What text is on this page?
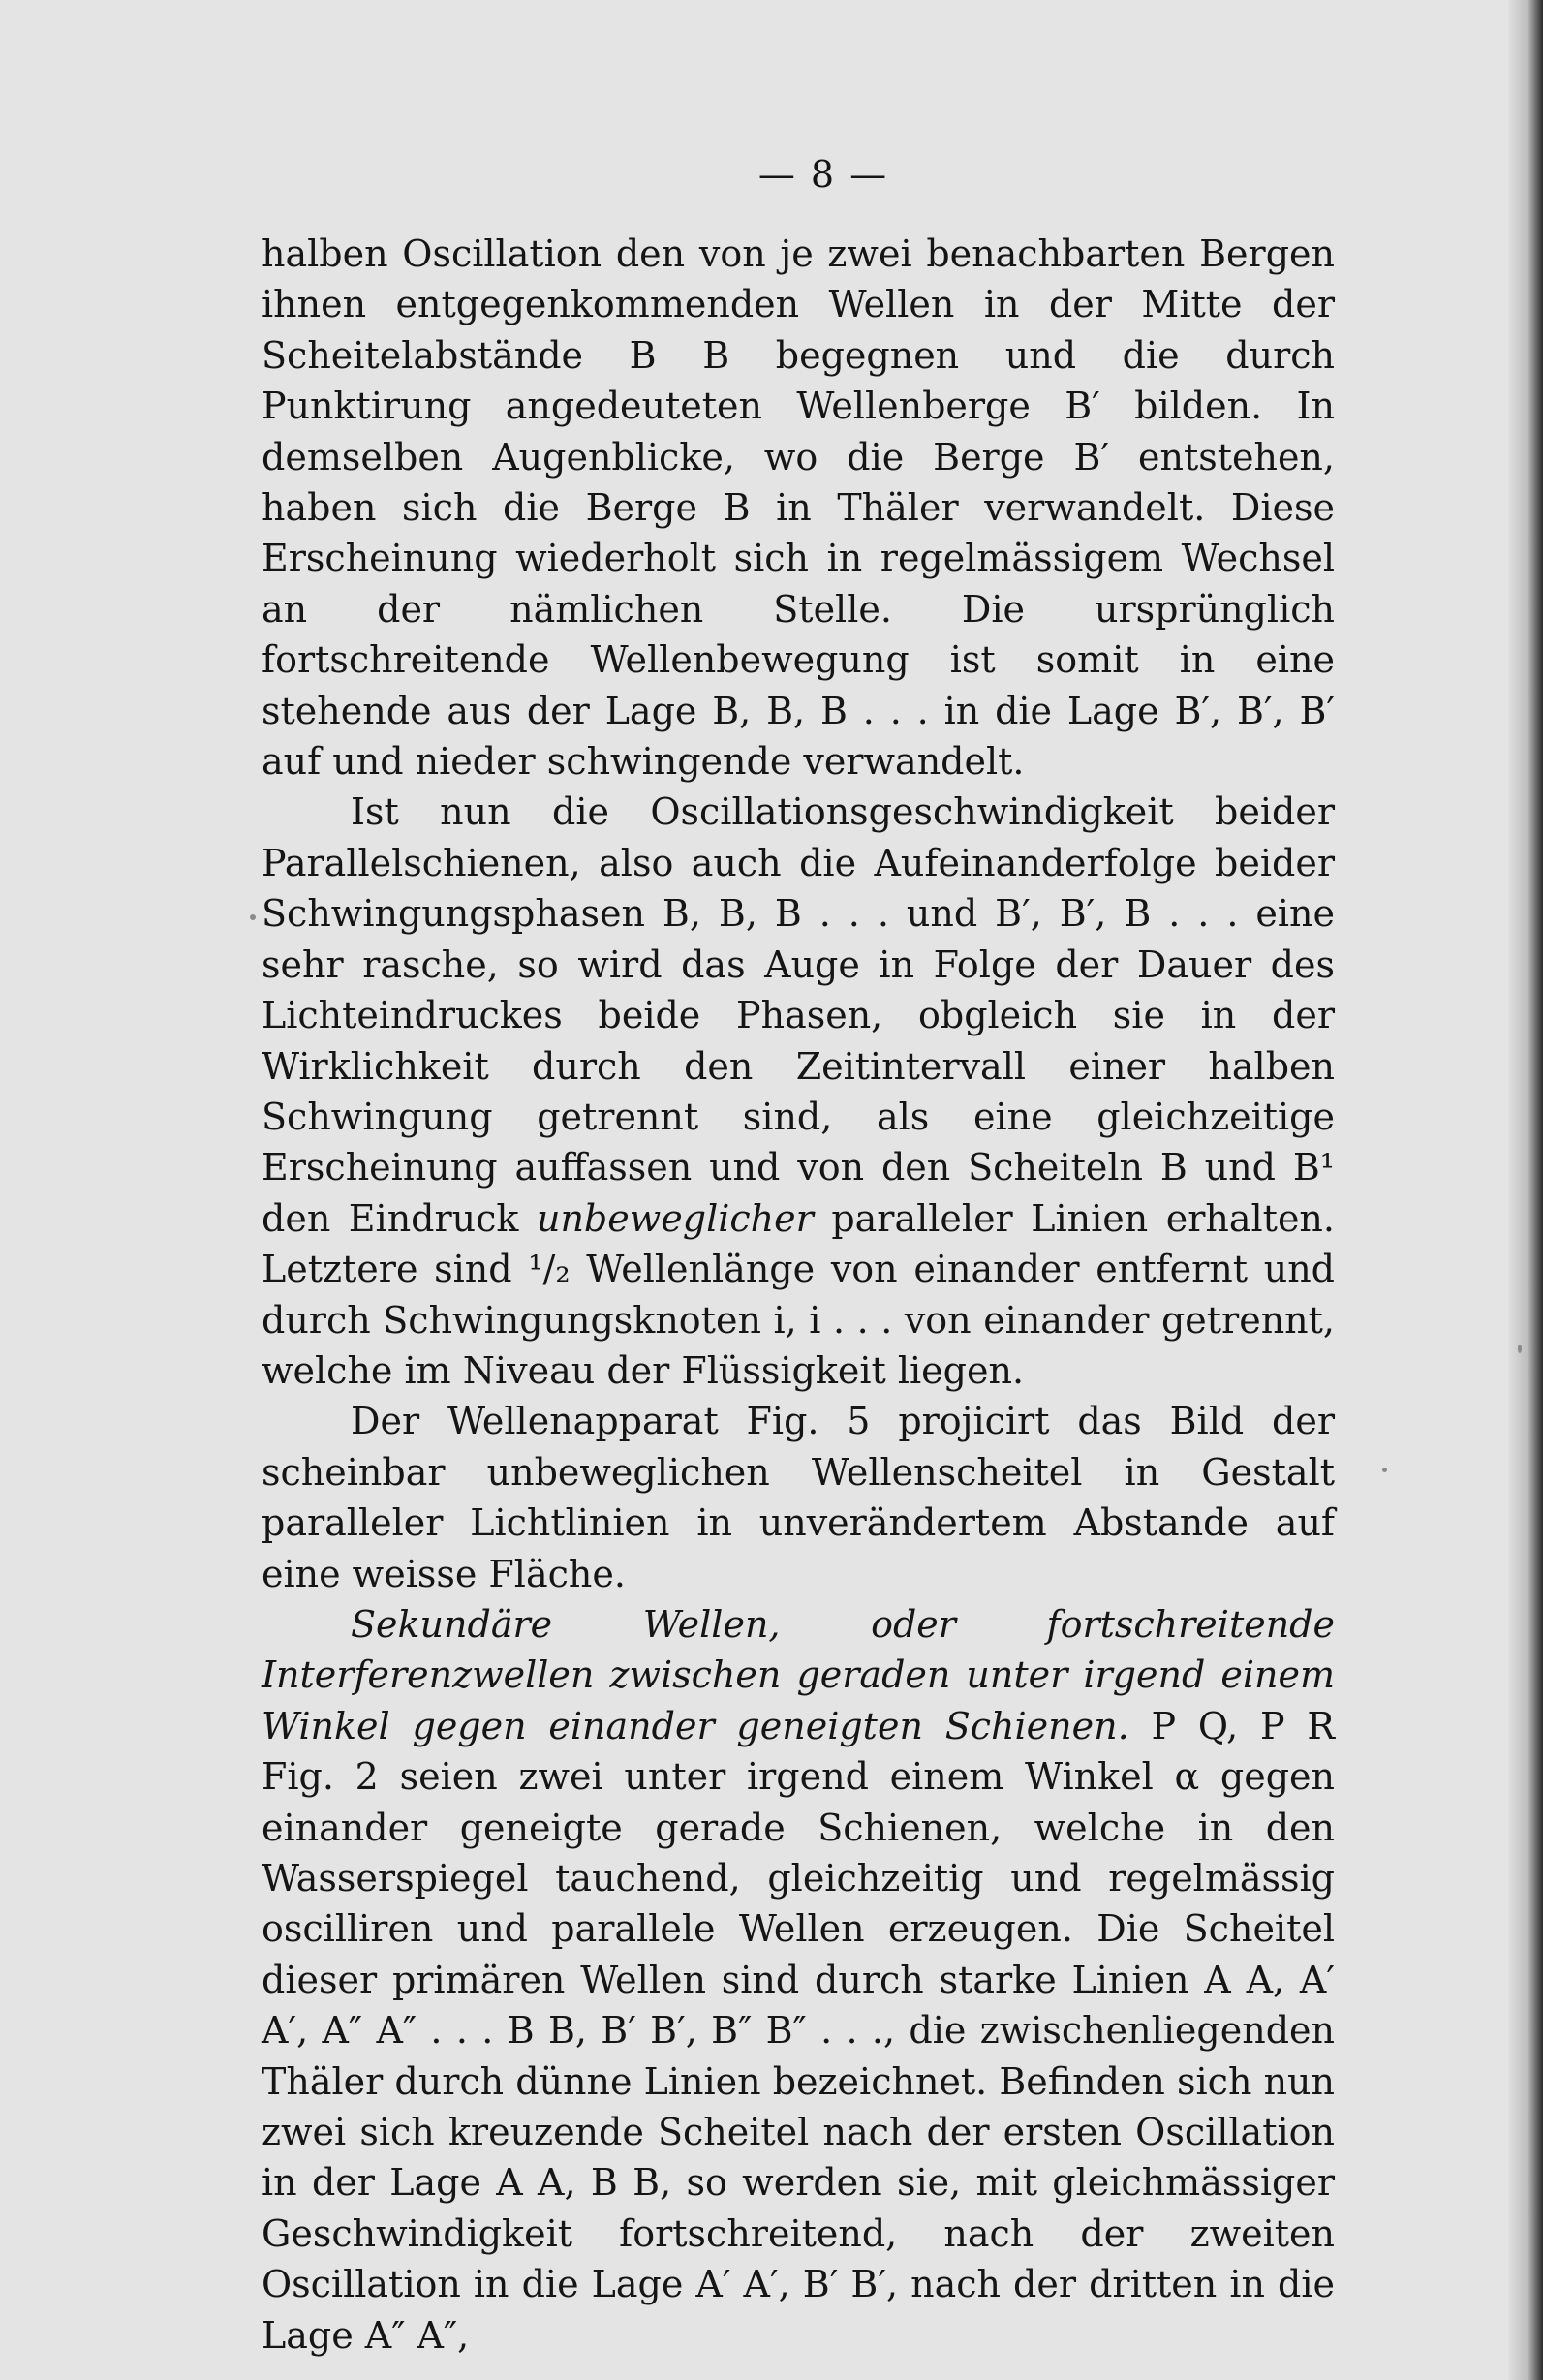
— 8 —

halben Oscillation den von je zwei benachbarten Bergen ihnen entgegenkommenden Wellen in der Mitte der Scheitelabstände B B begegnen und die durch Punktirung angedeuteten Wellenberge B′ bilden. In demselben Augenblicke, wo die Berge B′ entstehen, haben sich die Berge B in Thäler verwandelt. Diese Erscheinung wiederholt sich in regelmässigem Wechsel an der nämlichen Stelle. Die ursprünglich fortschreitende Wellenbewegung ist somit in eine stehende aus der Lage B, B, B . . . in die Lage B′, B′, B′ auf und nieder schwingende verwandelt.

Ist nun die Oscillationsgeschwindigkeit beider Parallelschienen, also auch die Aufeinanderfolge beider Schwingungsphasen B, B, B . . . und B′, B′, B . . . eine sehr rasche, so wird das Auge in Folge der Dauer des Lichteindruckes beide Phasen, obgleich sie in der Wirklichkeit durch den Zeitintervall einer halben Schwingung getrennt sind, als eine gleichzeitige Erscheinung auffassen und von den Scheiteln B und B¹ den Eindruck unbeweglicher paralleler Linien erhalten. Letztere sind ¹/₂ Wellenlänge von einander entfernt und durch Schwingungsknoten i, i . . . von einander getrennt, welche im Niveau der Flüssigkeit liegen.

Der Wellenapparat Fig. 5 projicirt das Bild der scheinbar unbeweglichen Wellenscheitel in Gestalt paralleler Lichtlinien in unverändertem Abstande auf eine weisse Fläche.

Sekundäre Wellen, oder fortschreitende Interferenzwellen zwischen geraden unter irgend einem Winkel gegen einander geneigten Schienen. P Q, P R Fig. 2 seien zwei unter irgend einem Winkel α gegen einander geneigte gerade Schienen, welche in den Wasserspiegel tauchend, gleichzeitig und regelmässig oscilliren und parallele Wellen erzeugen. Die Scheitel dieser primären Wellen sind durch starke Linien A A, A′ A′, A″ A″ . . . B B, B′ B′, B″ B″ . . ., die zwischenliegenden Thäler durch dünne Linien bezeichnet. Befinden sich nun zwei sich kreuzende Scheitel nach der ersten Oscillation in der Lage A A, B B, so werden sie, mit gleichmässiger Geschwindigkeit fortschreitend, nach der zweiten Oscillation in die Lage A′ A′, B′ B′, nach der dritten in die Lage A″ A″,
